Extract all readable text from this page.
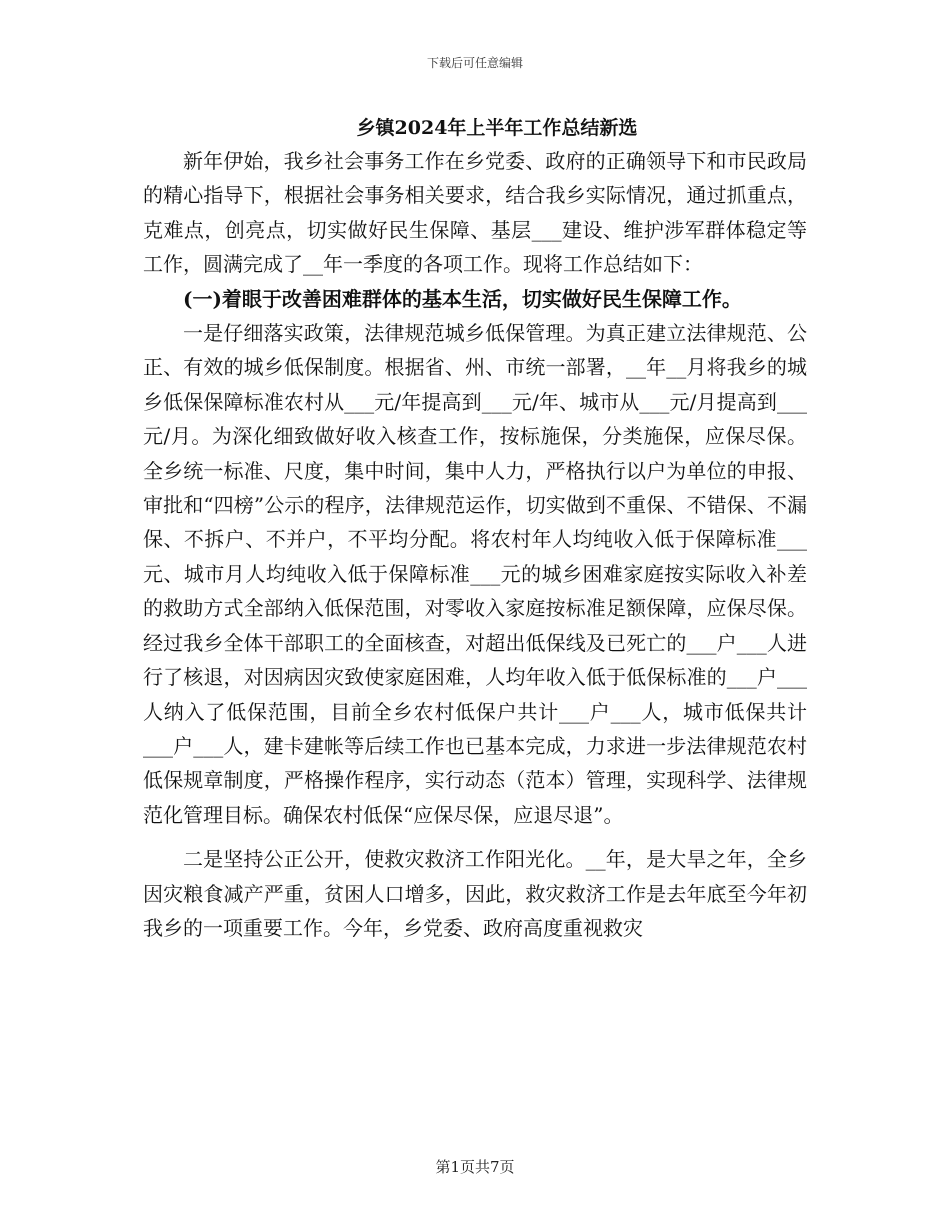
下载后可任意编辑
乡镇2024年上半年工作总结新选

新年伊始，我乡社会事务工作在乡党委、政府的正确领导下和市民政局的精心指导下，根据社会事务相关要求，结合我乡实际情况，通过抓重点，克难点，创亮点，切实做好民生保障、基层___建设、维护涉军群体稳定等工作，圆满完成了__年一季度的各项工作。现将工作总结如下：

(一)着眼于改善困难群体的基本生活，切实做好民生保障工作。

一是仔细落实政策，法律规范城乡低保管理。为真正建立法律规范、公正、有效的城乡低保制度。根据省、州、市统一部署，__年__月将我乡的城乡低保保障标准农村从___元/年提高到___元/年、城市从___元/月提高到___元/月。为深化细致做好收入核查工作，按标施保，分类施保，应保尽保。全乡统一标准、尺度，集中时间，集中人力，严格执行以户为单位的申报、审批和“四榜”公示的程序，法律规范运作，切实做到不重保、不错保、不漏保、不拆户、不并户，不平均分配。将农村年人均纯收入低于保障标准___元、城市月人均纯收入低于保障标准___元的城乡困难家庭按实际收入补差的救助方式全部纳入低保范围，对零收入家庭按标准足额保障，应保尽保。经过我乡全体干部职工的全面核查，对超出低保线及已死亡的___户___人进行了核退，对因病因灾致使家庭困难，人均年收入低于低保标准的___户___人纳入了低保范围，目前全乡农村低保户共计___户___人，城市低保共计___户___人，建卡建帐等后续工作也已基本完成，力求进一步法律规范农村低保规章制度，严格操作程序，实行动态（范本）管理，实现科学、法律规范化管理目标。确保农村低保“应保尽保，应退尽退”。

二是坚持公正公开，使救灾救济工作阳光化。__年，是大旱之年，全乡因灾粮食减产严重，贫困人口增多，因此，救灾救济工作是去年底至今年初我乡的一项重要工作。今年，乡党委、政府高度重视救灾

第1页共7页
